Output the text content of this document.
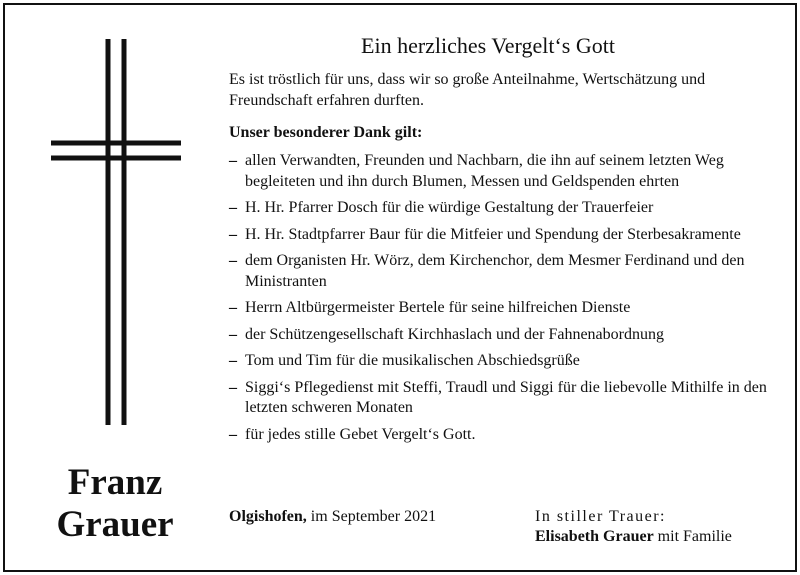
Franz
Grauer
Ein herzliches Vergelt‘s Gott

Es ist tröstlich für uns, dass wir so große Anteilnahme, Wertschätzung und Freundschaft erfahren durften.

Unser besonderer Dank gilt:

– allen Verwandten, Freunden und Nachbarn, die ihn auf seinem letzten Weg begleiteten und ihn durch Blumen, Messen und Geldspenden ehrten
– H. Hr. Pfarrer Dosch für die würdige Gestaltung der Trauerfeier
– H. Hr. Stadtpfarrer Baur für die Mitfeier und Spendung der Sterbesakramente
– dem Organisten Hr. Wörz, dem Kirchenchor, dem Mesmer Ferdinand und den Ministranten
– Herrn Altbürgermeister Bertele für seine hilfreichen Dienste
– der Schützengesellschaft Kirchhaslach und der Fahnenabordnung
– Tom und Tim für die musikalischen Abschiedsgrüße
– Siggi‘s Pflegedienst mit Steffi, Traudl und Siggi für die liebevolle Mithilfe in den letzten schweren Monaten
– für jedes stille Gebet Vergelt‘s Gott.
Olgishofen, im September 2021	In stiller Trauer:
Elisabeth Grauer mit Familie
